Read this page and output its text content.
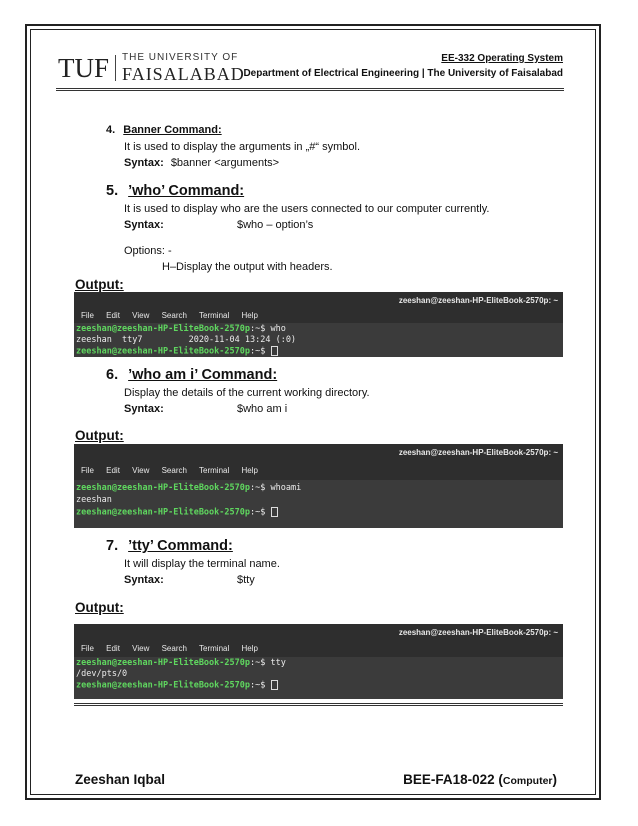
TUF THE UNIVERSITY OF
FAISALABAD
EE-332 Operating System
Department of Electrical Engineering | The University of Faisalabad
4. Banner Command:
It is used to display the arguments in „#“ symbol.
Syntax: $banner <arguments>
5. ’who’ Command:
It is used to display who are the users connected to our computer currently.
Syntax:	$who – option’s
Options: -
H–Display the output with headers.
Output:
zeeshan@zeeshan-HP-EliteBook-2570p: ~
File Edit View Search Terminal Help
zeeshan@zeeshan-HP-EliteBook-2570p:~$ who
zeeshan  tty7         2020-11-04 13:24 (:0)
zeeshan@zeeshan-HP-EliteBook-2570p:~$
6. ’who am i’ Command:
Display the details of the current working directory.
Syntax:	$who am i
Output:
zeeshan@zeeshan-HP-EliteBook-2570p: ~
File Edit View Search Terminal Help
zeeshan@zeeshan-HP-EliteBook-2570p:~$ whoami
zeeshan
zeeshan@zeeshan-HP-EliteBook-2570p:~$
7. ’tty’ Command:
It will display the terminal name.
Syntax:	$tty
Output:
zeeshan@zeeshan-HP-EliteBook-2570p: ~
File Edit View Search Terminal Help
zeeshan@zeeshan-HP-EliteBook-2570p:~$ tty
/dev/pts/0
zeeshan@zeeshan-HP-EliteBook-2570p:~$
Zeeshan Iqbal	BEE-FA18-022 (Computer)
